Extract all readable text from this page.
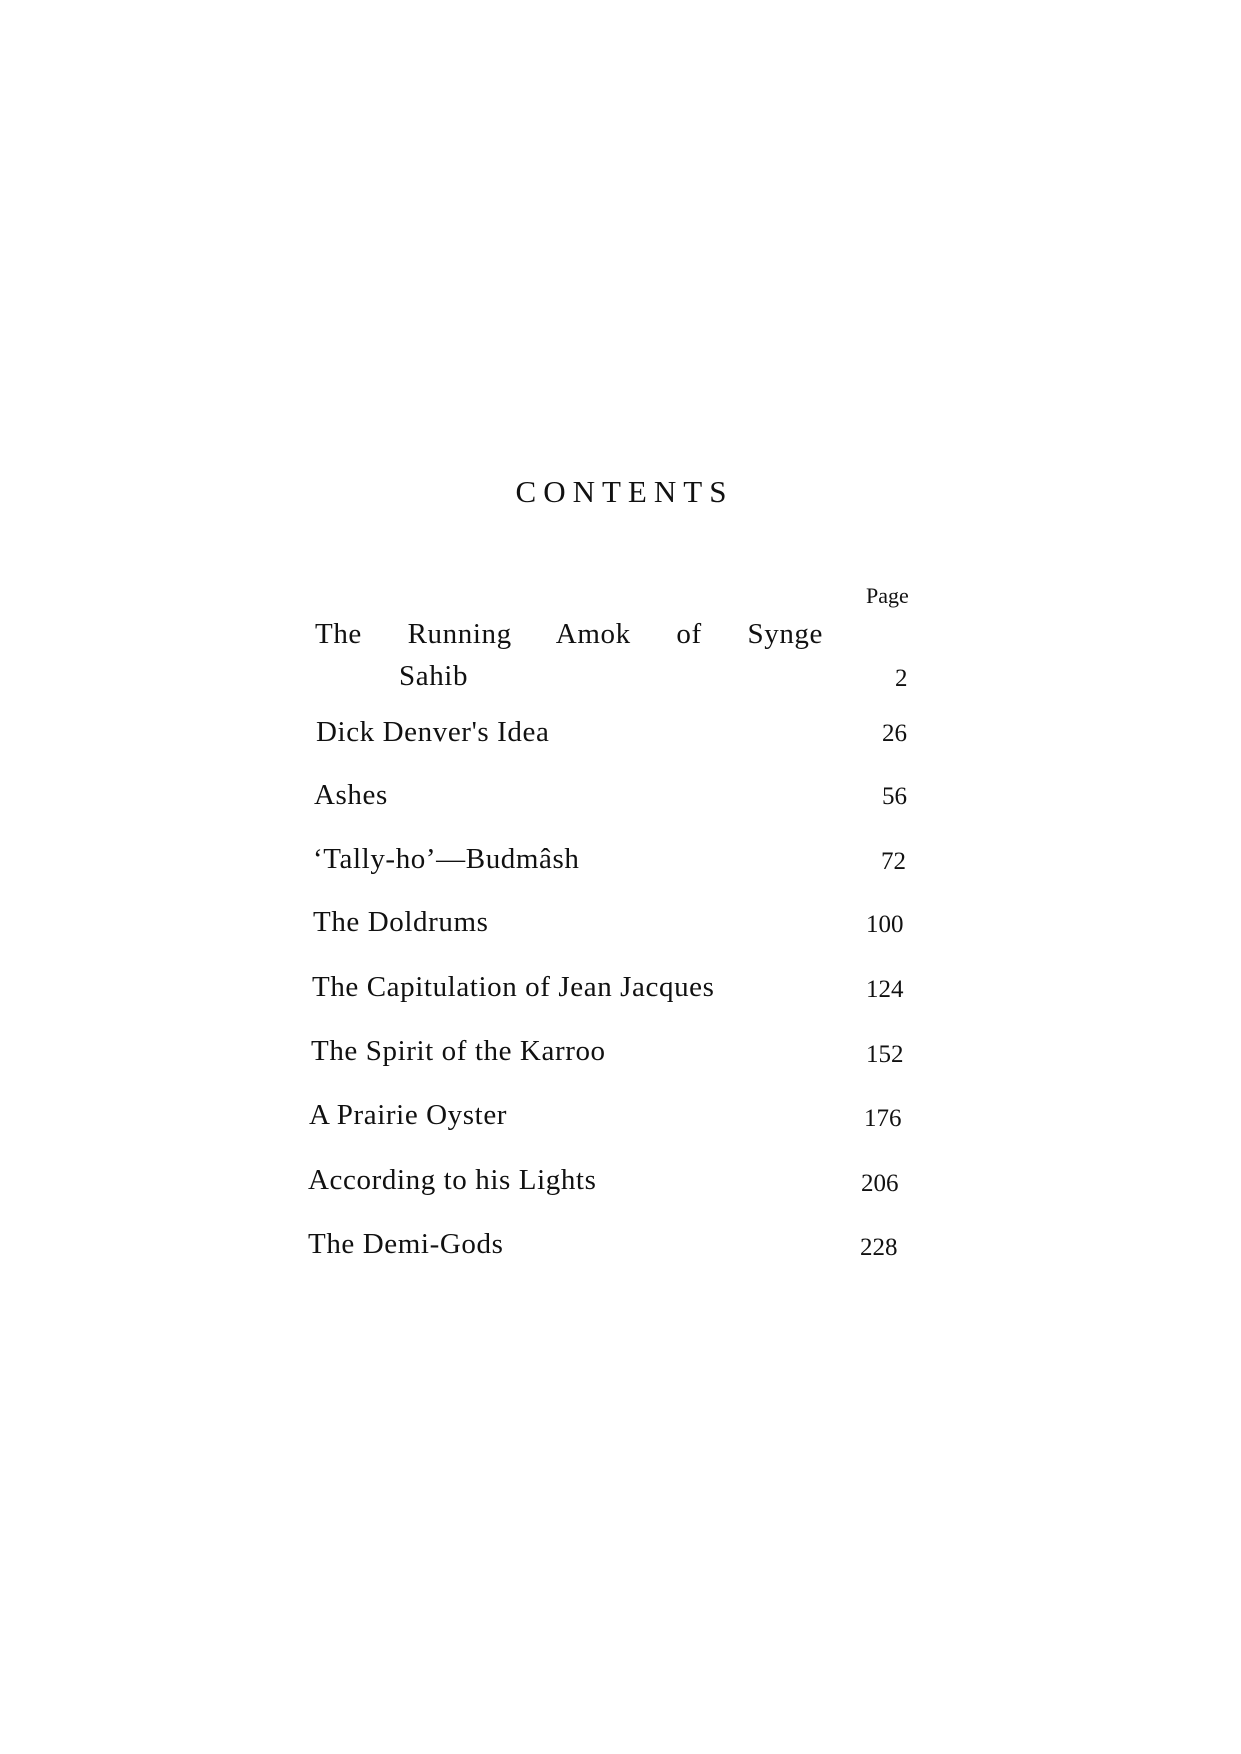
CONTENTS

Page

The Running Amok of Synge
Sahib	2
Dick Denver's Idea	26
Ashes	56
‘Tally-ho’—Budmâsh	72
The Doldrums	100
The Capitulation of Jean Jacques	124
The Spirit of the Karroo	152
A Prairie Oyster	176
According to his Lights	206
The Demi-Gods	228
